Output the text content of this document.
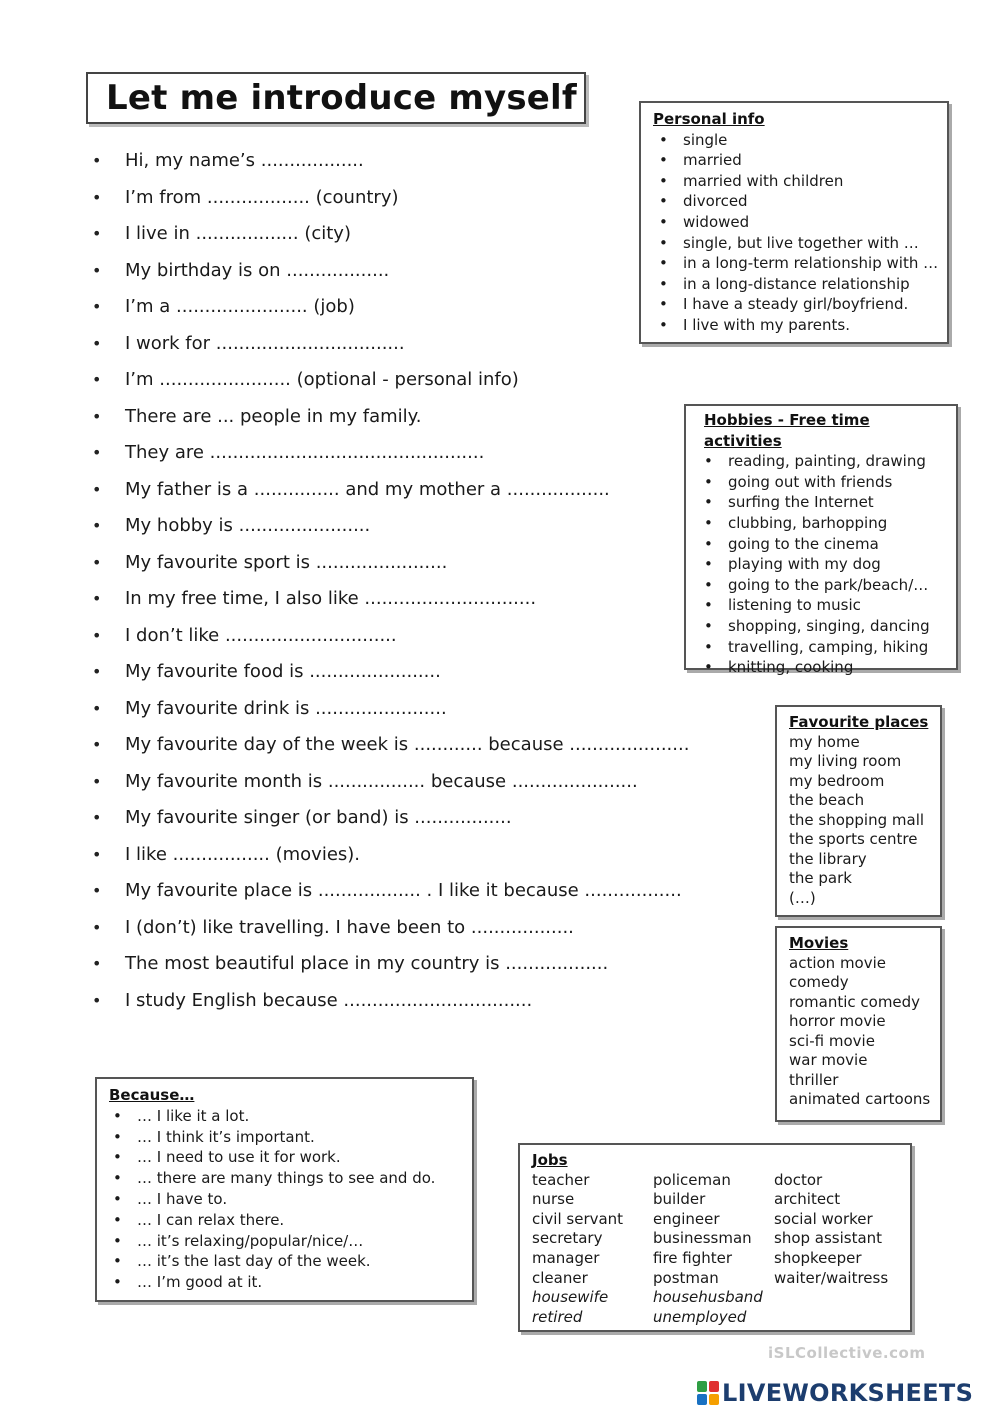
Let me introduce myself
• Hi, my name’s ..................
• I’m from .................. (country)
• I live in .................. (city)
• My birthday is on ..................
• I’m a ....................... (job)
• I work for .................................
• I’m ....................... (optional - personal info)
• There are ... people in my family.
• They are ................................................
• My father is a ............... and my mother a ..................
• My hobby is .......................
• My favourite sport is .......................
• In my free time, I also like ..............................
• I don’t like ..............................
• My favourite food is .......................
• My favourite drink is .......................
• My favourite day of the week is ............ because .....................
• My favourite month is ................. because ......................
• My favourite singer (or band) is .................
• I like ................. (movies).
• My favourite place is .................. . I like it because .................
• I (don’t) like travelling. I have been to ..................
• The most beautiful place in my country is ..................
• I study English because .................................
Personal info
• single
• married
• married with children
• divorced
• widowed
• single, but live together with …
• in a long-term relationship with …
• in a long-distance relationship
• I have a steady girl/boyfriend.
• I live with my parents.
Hobbies - Free time activities
• reading, painting, drawing
• going out with friends
• surfing the Internet
• clubbing, barhopping
• going to the cinema
• playing with my dog
• going to the park/beach/…
• listening to music
• shopping, singing, dancing
• travelling, camping, hiking
• knitting, cooking
Favourite places
my home
my living room
my bedroom
the beach
the shopping mall
the sports centre
the library
the park
(…)
Movies
action movie
comedy
romantic comedy
horror movie
sci-fi movie
war movie
thriller
animated cartoons
Because…
• … I like it a lot.
• … I think it’s important.
• … I need to use it for work.
• … there are many things to see and do.
• … I have to.
• … I can relax there.
• … it’s relaxing/popular/nice/…
• … it’s the last day of the week.
• … I’m good at it.
Jobs
teacher
nurse
civil servant
secretary
manager
cleaner
housewife
retired
policeman
builder
engineer
businessman
fire fighter
postman
househusband
unemployed
doctor
architect
social worker
shop assistant
shopkeeper
waiter/waitress
iSLCollective.com
LIVEWORKSHEETS
